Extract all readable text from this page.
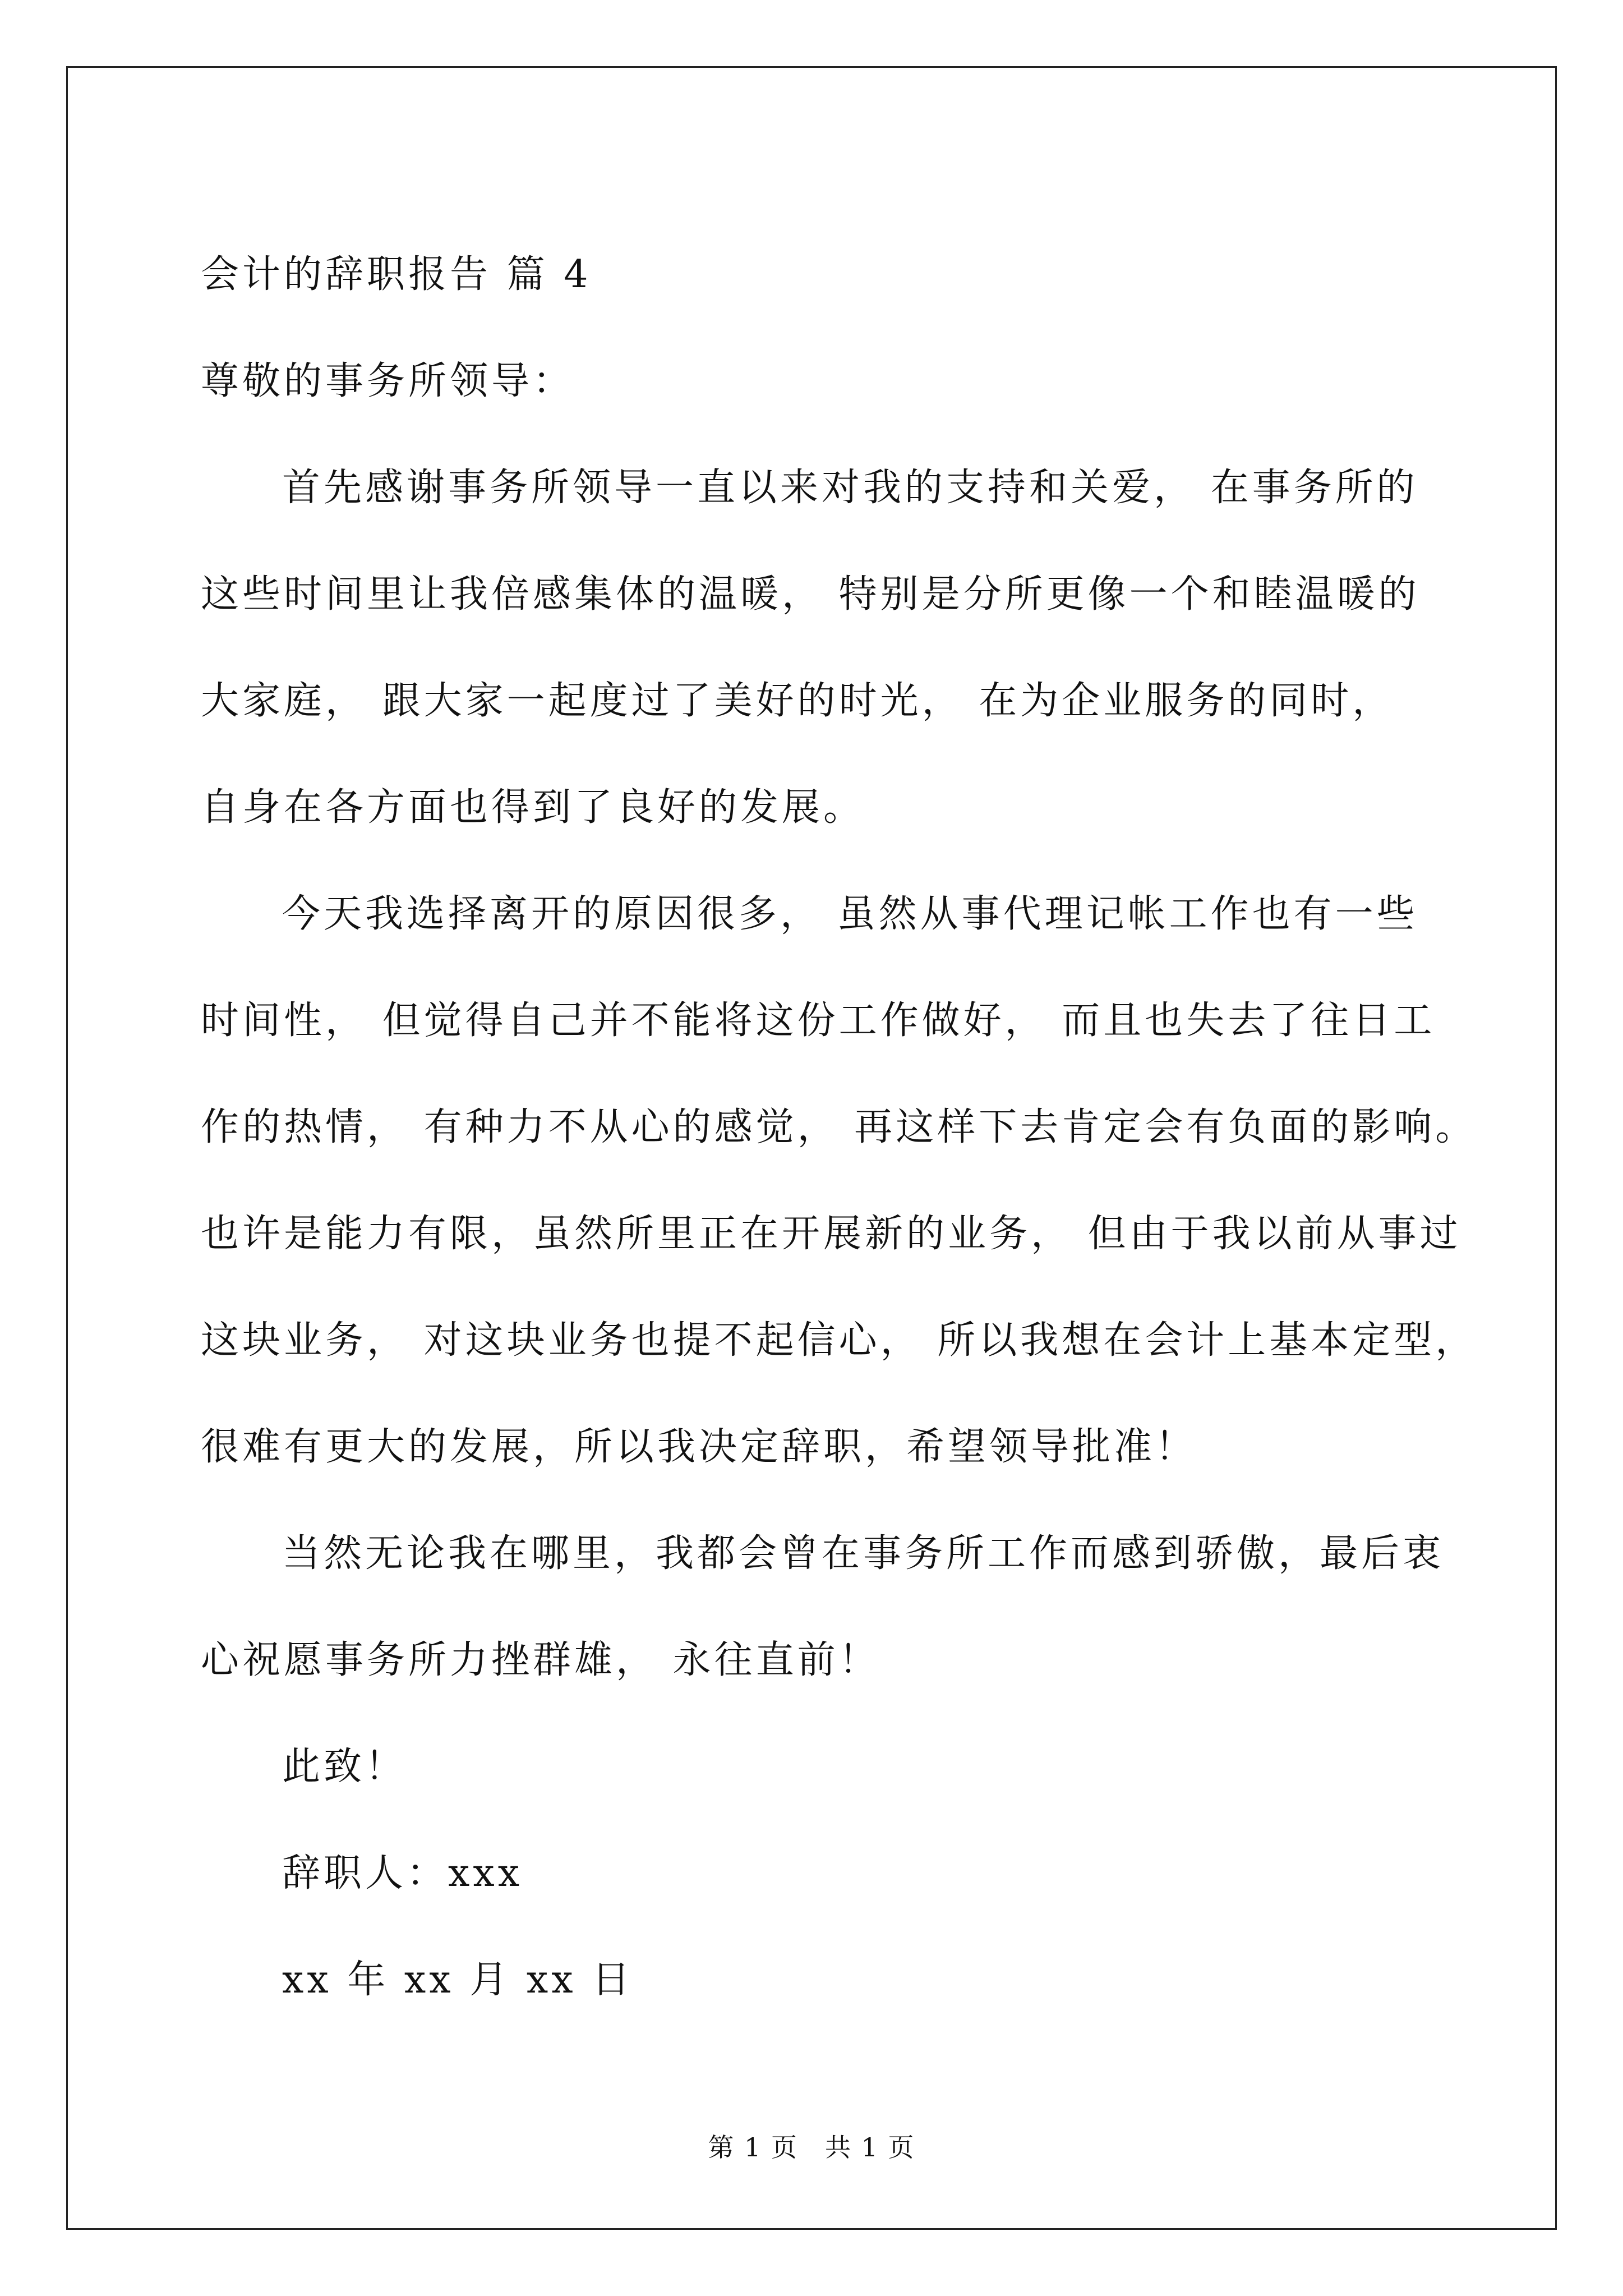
会计的辞职报告 篇 4

尊敬的事务所领导：

首先感谢事务所领导一直以来对我的支持和关爱， 在事务所的

这些时间里让我倍感集体的温暖， 特别是分所更像一个和睦温暖的

大家庭， 跟大家一起度过了美好的时光， 在为企业服务的同时，

自身在各方面也得到了良好的发展。

今天我选择离开的原因很多， 虽然从事代理记帐工作也有一些

时间性， 但觉得自己并不能将这份工作做好， 而且也失去了往日工

作的热情， 有种力不从心的感觉， 再这样下去肯定会有负面的影响。

也许是能力有限，虽然所里正在开展新的业务， 但由于我以前从事过

这块业务， 对这块业务也提不起信心， 所以我想在会计上基本定型，

很难有更大的发展，所以我决定辞职，希望领导批准！

当然无论我在哪里，我都会曾在事务所工作而感到骄傲，最后衷

心祝愿事务所力挫群雄， 永往直前！

此致！

辞职人：xxx

xx 年 xx 月 xx 日

第 1 页　共 1 页
